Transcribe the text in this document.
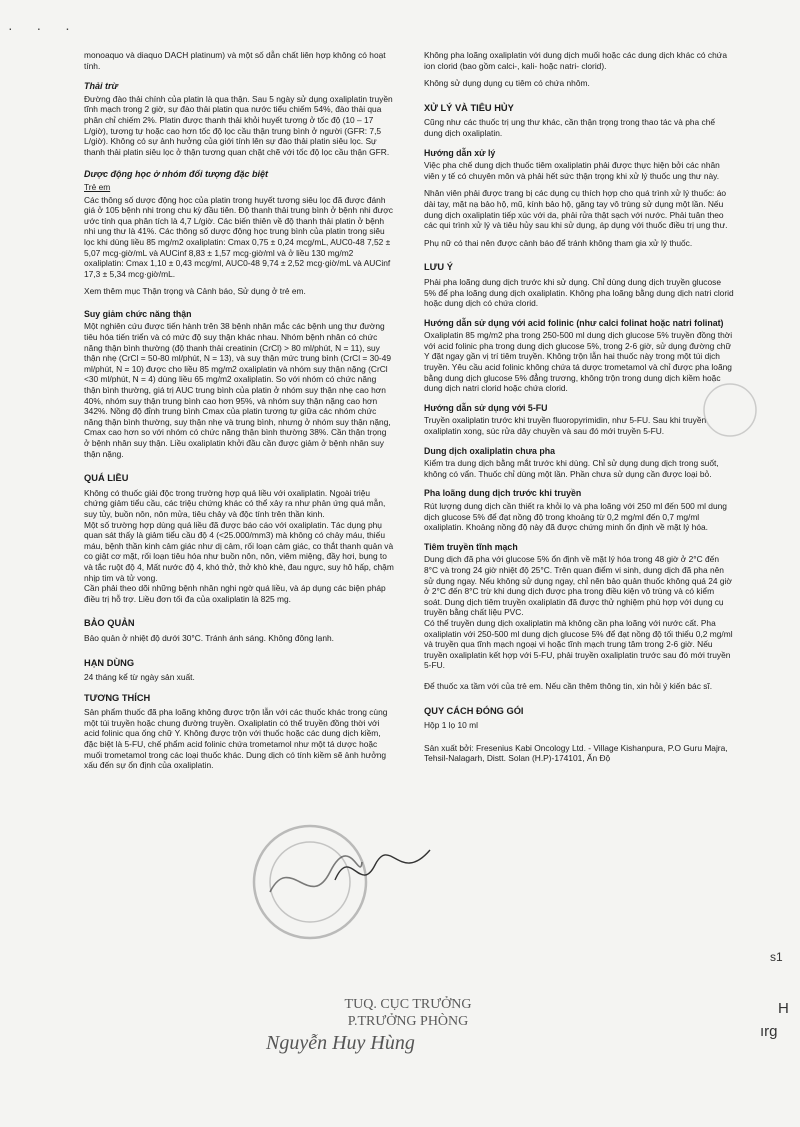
· · ·

monoaquo và diaquo DACH platinum) và một số dẫn chất liên hợp không có hoạt tính.

Thải trừ

Đường đào thải chính của platin là qua thận. Sau 5 ngày sử dụng oxaliplatin truyền tĩnh mạch trong 2 giờ, sự đào thải platin qua nước tiểu chiếm 54%, đào thải qua phân chỉ chiếm 2%. Platin được thanh thải khỏi huyết tương ở tốc độ (10 – 17 L/giờ), tương tự hoặc cao hơn tốc độ lọc cầu thận trung bình ở người (GFR: 7,5 L/giờ). Không có sự ảnh hưởng của giới tính lên sự đào thải platin siêu lọc. Sự thanh thải platin siêu lọc ở thận tương quan chặt chẽ với tốc độ lọc cầu thận GFR.

Dược động học ở nhóm đối tượng đặc biệt
Trẻ em

Các thông số dược động học của platin trong huyết tương siêu lọc đã được đánh giá ở 105 bệnh nhi trong chu kỳ đầu tiên. Độ thanh thải trung bình ở bệnh nhi được ước tính qua phân tích là 4,7 L/giờ. Các biến thiên về độ thanh thải platin ở bệnh nhi ung thư là 41%. Các thông số dược động học trung bình của platin trong siêu lọc khi dùng liều 85 mg/m2 oxaliplatin: Cmax 0,75 ± 0,24 mcg/mL, AUC0-48 7,52 ± 5,07 mcg·giờ/mL và AUCinf 8,83 ± 1,57 mcg·giờ/ml và ở liều 130 mg/m2 oxaliplatin: Cmax 1,10 ± 0,43 mcg/ml, AUC0-48 9,74 ± 2,52 mcg·giờ/mL và AUCinf 17,3 ± 5,34 mcg·giờ/mL.

Xem thêm mục Thận trọng và Cảnh báo, Sử dụng ở trẻ em.

Suy giảm chức năng thận

Một nghiên cứu được tiến hành trên 38 bệnh nhân mắc các bệnh ung thư đường tiêu hóa tiến triển và có mức độ suy thận khác nhau. Nhóm bệnh nhân có chức năng thận bình thường (độ thanh thải creatinin (CrCl) > 80 ml/phút, N = 11), suy thận nhẹ (CrCl = 50-80 ml/phút, N = 13), và suy thận mức trung bình (CrCl = 30-49 ml/phút, N = 10) được cho liều 85 mg/m2 oxaliplatin và nhóm suy thận nặng (CrCl <30 ml/phút, N = 4) dùng liều 65 mg/m2 oxaliplatin. So với nhóm có chức năng thận bình thường, giá trị AUC trung bình của platin ở nhóm suy thận nhẹ cao hơn 40%, nhóm suy thận trung bình cao hơn 95%, và nhóm suy thận nặng cao hơn 342%. Nồng độ đỉnh trung bình Cmax của platin tương tự giữa các nhóm chức năng thận bình thường, suy thận nhẹ và trung bình, nhưng ở nhóm suy thận nặng, Cmax cao hơn so với nhóm có chức năng thận bình thường 38%. Cần thận trọng ở bệnh nhân suy thận. Liều oxaliplatin khởi đầu cần được giảm ở bệnh nhân suy thận nặng.

QUÁ LIỀU

Không có thuốc giải độc trong trường hợp quá liều với oxaliplatin. Ngoài triệu chứng giảm tiểu cầu, các triệu chứng khác có thể xảy ra như phản ứng quá mẫn, suy tủy, buồn nôn, nôn mửa, tiêu chảy và độc tính trên thần kinh.

Một số trường hợp dùng quá liều đã được báo cáo với oxaliplatin. Tác dụng phụ quan sát thấy là giảm tiểu cầu độ 4 (<25.000/mm3) mà không có chảy máu, thiếu máu, bệnh thần kinh cảm giác như dị cảm, rối loạn cảm giác, co thắt thanh quản và co giật cơ mặt, rối loạn tiêu hóa như buồn nôn, nôn, viêm miệng, đầy hơi, bụng to và tắc ruột độ 4, Mất nước độ 4, khó thở, thở khò khè, đau ngực, suy hô hấp, chậm nhịp tim và tử vong.

Cần phải theo dõi những bệnh nhân nghi ngờ quá liều, và áp dụng các biện pháp điều trị hỗ trợ. Liều đơn tối đa của oxaliplatin là 825 mg.

BẢO QUẢN

Bảo quản ở nhiệt độ dưới 30°C. Tránh ánh sáng. Không đông lạnh.

HẠN DÙNG

24 tháng kể từ ngày sản xuất.

TƯƠNG THÍCH

Sản phẩm thuốc đã pha loãng không được trộn lẫn với các thuốc khác trong cùng một túi truyền hoặc chung đường truyền. Oxaliplatin có thể truyền đồng thời với acid folinic qua ống chữ Y. Không được trộn với thuốc hoặc các dung dịch kiềm, đặc biệt là 5-FU, chế phẩm acid folinic chứa trometamol như một tá dược hoặc muối trometamol trong các loại thuốc khác. Dung dịch có tính kiềm sẽ ảnh hưởng xấu đến sự ổn định của oxaliplatin.

Không pha loãng oxaliplatin với dung dịch muối hoặc các dung dịch khác có chứa ion clorid (bao gồm calci-, kali- hoặc natri- clorid).

Không sử dụng dụng cụ tiêm có chứa nhôm.

XỬ LÝ VÀ TIÊU HỦY

Cũng như các thuốc trị ung thư khác, cần thận trọng trong thao tác và pha chế dung dịch oxaliplatin.

Hướng dẫn xử lý

Việc pha chế dung dịch thuốc tiêm oxaliplatin phải được thực hiện bởi các nhân viên y tế có chuyên môn và phải hết sức thận trọng khi xử lý thuốc ung thư này.

Nhân viên phải được trang bị các dụng cụ thích hợp cho quá trình xử lý thuốc: áo dài tay, mặt nạ bảo hộ, mũ, kính bảo hộ, găng tay vô trùng sử dụng một lần. Nếu dung dịch oxaliplatin tiếp xúc với da, phải rửa thật sạch với nước. Phải tuân theo các qui trình xử lý và tiêu hủy sau khi sử dụng, áp dụng với thuốc điều trị ung thư.

Phụ nữ có thai nên được cảnh báo để tránh không tham gia xử lý thuốc.

LƯU Ý

Phải pha loãng dung dịch trước khi sử dụng. Chỉ dùng dung dịch truyền glucose 5% để pha loãng dung dịch oxaliplatin. Không pha loãng bằng dung dịch natri clorid hoặc dung dịch có chứa clorid.

Hướng dẫn sử dụng với acid folinic (như calci folinat hoặc natri folinat)

Oxaliplatin 85 mg/m2 pha trong 250-500 ml dung dịch glucose 5% truyền đồng thời với acid folinic pha trong dung dịch glucose 5%, trong 2-6 giờ, sử dụng đường chữ Y đặt ngay gần vị trí tiêm truyền. Không trộn lẫn hai thuốc này trong một túi dịch truyền. Yêu cầu acid folinic không chứa tá dược trometamol và chỉ được pha loãng bằng dung dịch glucose 5% đẳng trương, không trộn trong dung dịch kiềm hoặc dung dịch natri clorid hoặc chứa clorid.

Hướng dẫn sử dụng với 5-FU

Truyền oxaliplatin trước khi truyền fluoropyrimidin, như 5-FU. Sau khi truyền oxaliplatin xong, súc rửa dây chuyền và sau đó mới truyền 5-FU.

Dung dịch oxaliplatin chưa pha

Kiểm tra dung dịch bằng mắt trước khi dùng. Chỉ sử dụng dung dịch trong suốt, không có vẩn. Thuốc chỉ dùng một lần. Phần chưa sử dụng cần được loại bỏ.

Pha loãng dung dịch trước khi truyền

Rút lượng dung dịch cần thiết ra khỏi lọ và pha loãng với 250 ml đến 500 ml dung dịch glucose 5% để đạt nồng độ trong khoảng từ 0,2 mg/ml đến 0,7 mg/ml oxaliplatin. Khoảng nồng độ này đã được chứng minh ổn định về mặt lý hóa.

Tiêm truyền tĩnh mạch

Dung dịch đã pha với glucose 5% ổn định về mặt lý hóa trong 48 giờ ở 2°C đến 8°C và trong 24 giờ nhiệt độ 25°C. Trên quan điểm vi sinh, dung dịch đã pha nên sử dụng ngay. Nếu không sử dụng ngay, chỉ nên bảo quản thuốc không quá 24 giờ ở 2°C đến 8°C trừ khi dung dịch được pha trong điều kiện vô trùng và có kiểm soát. Dung dịch tiêm truyền oxaliplatin đã được thử nghiệm phù hợp với dụng cụ truyền bằng chất liệu PVC.

Có thể truyền dung dịch oxaliplatin mà không cần pha loãng với nước cất. Pha oxaliplatin với 250-500 ml dung dịch glucose 5% để đạt nồng độ tối thiểu 0,2 mg/ml và truyền qua tĩnh mạch ngoại vi hoặc tĩnh mạch trung tâm trong 2-6 giờ. Nếu truyền oxaliplatin kết hợp với 5-FU, phải truyền oxaliplatin trước sau đó mới truyền 5-FU.

Để thuốc xa tầm với của trẻ em. Nếu cần thêm thông tin, xin hỏi ý kiến bác sĩ.

QUY CÁCH ĐÓNG GÓI

Hộp 1 lọ 10 ml

Sản xuất bởi: Fresenius Kabi Oncology Ltd. - Village Kishanpura, P.O Guru Majra, Tehsil-Nalagarh, Distt. Solan (H.P)-174101, Ấn Độ

TUQ. CỤC TRƯỞNG
P.TRƯỞNG PHÒNG
Nguyễn Huy Hùng
s1
H
ırg
